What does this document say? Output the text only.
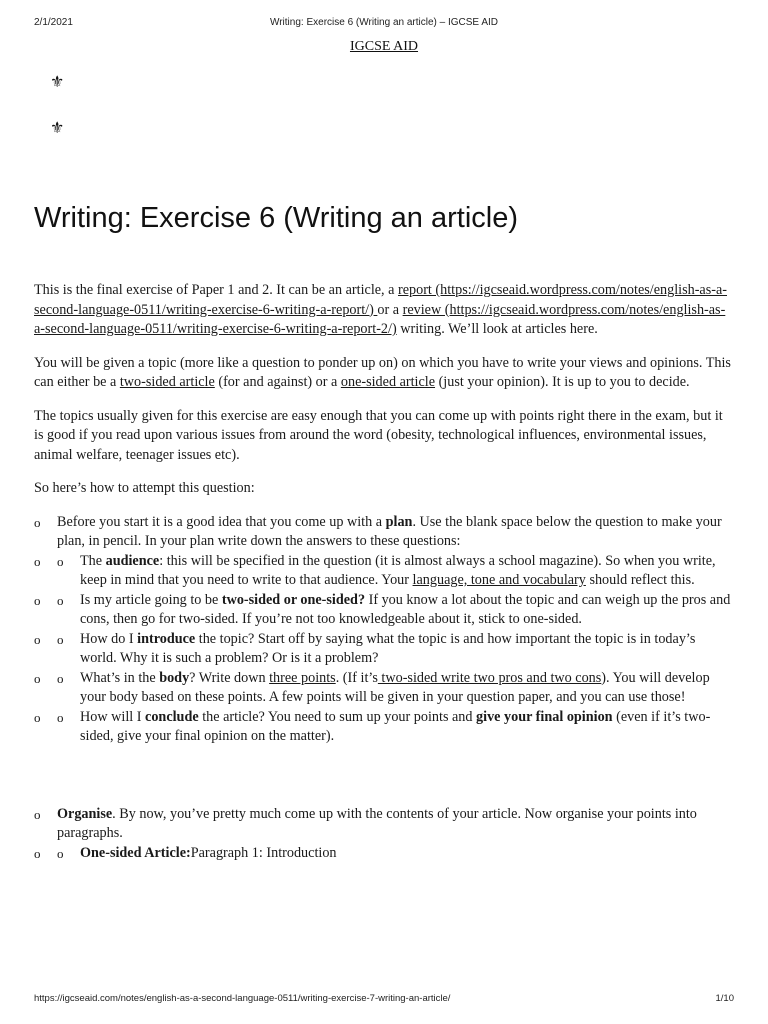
2/1/2021	Writing: Exercise 6 (Writing an article) – IGCSE AID
IGCSE AID
⚜
⚜
Writing: Exercise 6 (Writing an article)

This is the final exercise of Paper 1 and 2. It can be an article, a report (https://igcseaid.wordpress.com/notes/english-as-a-second-language-0511/writing-exercise-6-writing-a-report/) or a review (https://igcseaid.wordpress.com/notes/english-as-a-second-language-0511/writing-exercise-6-writing-a-report-2/) writing. We’ll look at articles here.

You will be given a topic (more like a question to ponder up on) on which you have to write your views and opinions. This can either be a two-sided article (for and against) or a one-sided article (just your opinion). It is up to you to decide.

The topics usually given for this exercise are easy enough that you can come up with points right there in the exam, but it is good if you read upon various issues from around the word (obesity, technological influences, environmental issues, animal welfare, teenager issues etc).

So here’s how to attempt this question:

o Before you start it is a good idea that you come up with a plan. Use the blank space below the question to make your plan, in pencil. In your plan write down the answers to these questions:
o o The audience: this will be specified in the question (it is almost always a school magazine). So when you write, keep in mind that you need to write to that audience. Your language, tone and vocabulary should reflect this.
o o Is my article going to be two-sided or one-sided? If you know a lot about the topic and can weigh up the pros and cons, then go for two-sided. If you’re not too knowledgeable about it, stick to one-sided.
o o How do I introduce the topic? Start off by saying what the topic is and how important the topic is in today’s world. Why it is such a problem? Or is it a problem?
o o What’s in the body? Write down three points. (If it’s two-sided write two pros and two cons). You will develop your body based on these points. A few points will be given in your question paper, and you can use those!
o o How will I conclude the article? You need to sum up your points and give your final opinion (even if it’s two-sided, give your final opinion on the matter).
o Organise. By now, you’ve pretty much come up with the contents of your article. Now organise your points into paragraphs.
o o One-sided Article:Paragraph 1: Introduction
https://igcseaid.com/notes/english-as-a-second-language-0511/writing-exercise-7-writing-an-article/	1/10
